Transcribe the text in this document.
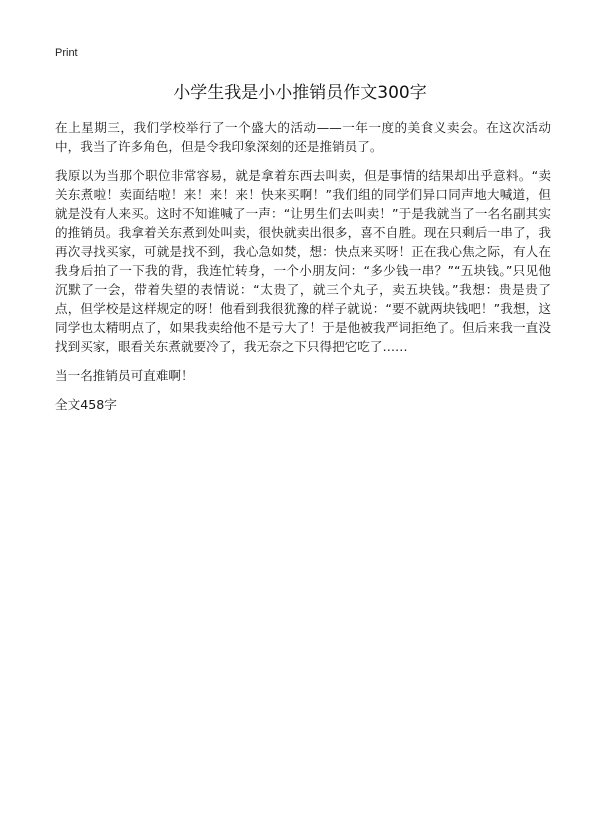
Print
小学生我是小小推销员作文300字

在上星期三，我们学校举行了一个盛大的活动——一年一度的美食义卖会。在这次活动中，我当了许多角色，但是令我印象深刻的还是推销员了。

我原以为当那个职位非常容易，就是拿着东西去叫卖，但是事情的结果却出乎意料。“卖关东煮啦！卖面结啦！来！来！来！快来买啊！”我们组的同学们异口同声地大喊道，但就是没有人来买。这时不知谁喊了一声：“让男生们去叫卖！”于是我就当了一名名副其实的推销员。我拿着关东煮到处叫卖，很快就卖出很多，喜不自胜。现在只剩后一串了，我再次寻找买家，可就是找不到，我心急如焚，想：快点来买呀！正在我心焦之际，有人在我身后拍了一下我的背，我连忙转身，一个小朋友问：“多少钱一串？”“五块钱。”只见他沉默了一会，带着失望的表情说：“太贵了，就三个丸子，卖五块钱。”我想：贵是贵了点，但学校是这样规定的呀！他看到我很犹豫的样子就说：“要不就两块钱吧！”我想，这同学也太精明点了，如果我卖给他不是亏大了！于是他被我严词拒绝了。但后来我一直没找到买家，眼看关东煮就要冷了，我无奈之下只得把它吃了……

当一名推销员可直难啊！

全文458字
